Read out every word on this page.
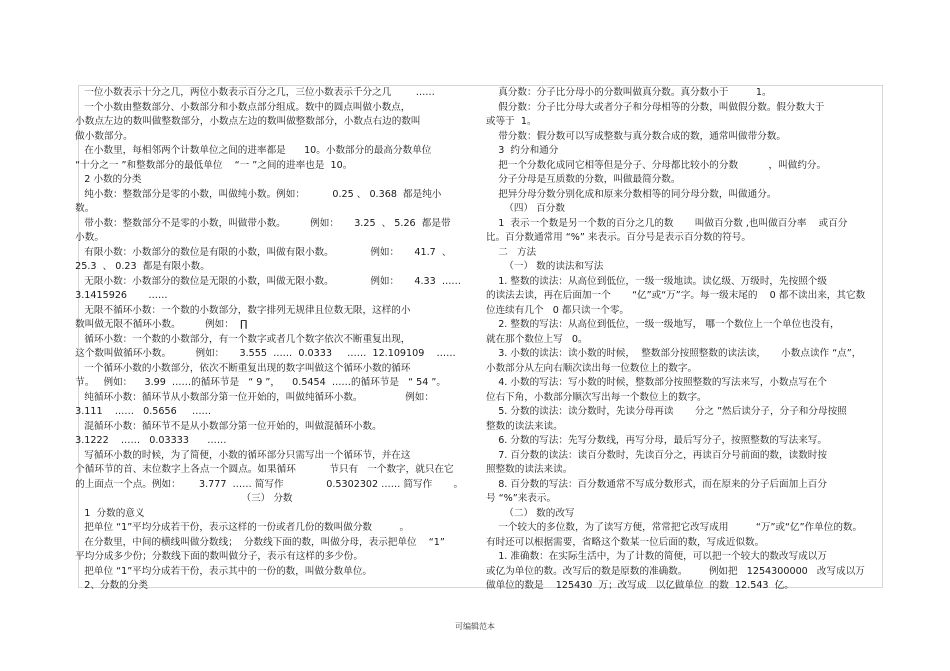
一位小数表示十分之几，两位小数表示百分之几，三位小数表示千分之几        ……

一个小数由整数部分、小数部分和小数点部分组成。数中的圆点叫做小数点，

小数点左边的数叫做整数部分，小数点左边的数叫做整数部分，小数点右边的数叫

做小数部分。

在小数里，每相邻两个计数单位之间的进率都是      10。小数部分的最高分数单位

“十分之一 ”和整数部分的最低单位    “一 ”之间的进率也是  10。

2 小数的分类

纯小数：整数部分是零的小数，叫做纯小数。例如：         0.25 、 0.368  都是纯小

数。

带小数：整数部分不是零的小数，叫做带小数。        例如：     3.25  、 5.26  都是带

小数。

有限小数：小数部分的数位是有限的小数，叫做有限小数。            例如：     41.7  、

25.3  、 0.23  都是有限小数。

无限小数：小数部分的数位是无限的小数，叫做无限小数。            例如：     4.33  ……

3.1415926       ……

无限不循环小数：一个数的小数部分，数字排列无规律且位数无限，这样的小

数叫做无限不循环小数。        例如：  ∏

循环小数：一个数的小数部分，有一个数字或者几个数字依次不断重复出现，

这个数叫做循环小数。        例如：     3.555  ……  0.0333     ……  12.109109    ……

一个循环小数的小数部分，依次不断重复出现的数字叫做这个循环小数的循环

节。   例如：    3.99  ……的循环节是   “ 9 ”，    0.5454  ……的循环节是   “ 54 ”。

纯循环小数：循环节从小数部分第一位开始的，叫做纯循环小数。              例如：

3.111    ……   0.5656     ……

混循环小数：循环节不是从小数部分第一位开始的，叫做混循环小数。

3.1222    ……   0.03333      ……

写循环小数的时候，为了简便，小数的循环部分只需写出一个循环节，并在这

个循环节的首、末位数字上各点一个圆点。如果循环           节只有   一个数字，就只在它

的上面点一个点。例如：      3.777  …… 简写作              0.5302302 …… 简写作       。

（三） 分数

1  分数的意义

把单位 “1”平均分成若干份，表示这样的一份或者几份的数叫做分数         。

在分数里，中间的横线叫做分数线；  分数线下面的数，叫做分母，表示把单位    “1”

平均分成多少份；分数线下面的数叫做分子，表示有这样的多少份。

把单位 “1”平均分成若干份，表示其中的一份的数，叫做分数单位。

2、分数的分类

真分数：分子比分母小的分数叫做真分数。真分数小于         1。

假分数：分子比分母大或者分子和分母相等的分数，叫做假分数。假分数大于

或等于  1。

带分数：假分数可以写成整数与真分数合成的数，通常叫做带分数。

3  约分和通分

把一个分数化成同它相等但是分子、分母都比较小的分数          ，叫做约分。

分子分母是互质数的分数，叫做最简分数。

把异分母分数分别化成和原来分数相等的同分母分数，叫做通分。

（四） 百分数

1  表示一个数是另一个数的百分之几的数       叫做百分数 ,也叫做百分率    或百分

比。百分数通常用 “%” 来表示。百分号是表示百分数的符号。

二   方法

（一） 数的读法和写法

1. 整数的读法：从高位到低位，一级一级地读。读亿级、万级时，先按照个级

的读法去读，再在后面加一个       “亿”或“万”字。每一级末尾的    0 都不读出来，其它数

位连续有几个   0 都只读一个零。

2. 整数的写法：从高位到低位，一级一级地写， 哪一个数位上一个单位也没有，

就在那个数位上写   0。

3. 小数的读法：读小数的时候，  整数部分按照整数的读法读，     小数点读作 “点”，

小数部分从左向右顺次读出每一位数位上的数字。

4. 小数的写法：写小数的时候，整数部分按照整数的写法来写，小数点写在个

位右下角，小数部分顺次写出每一个数位上的数字。

5. 分数的读法：读分数时，先读分母再读       分之 ”然后读分子，分子和分母按照

整数的读法来读。

6. 分数的写法：先写分数线，再写分母，最后写分子，按照整数的写法来写。

7. 百分数的读法：读百分数时，先读百分之，再读百分号前面的数，读数时按

照整数的读法来读。

8. 百分数的写法：百分数通常不写成分数形式，而在原来的分子后面加上百分

号 “%”来表示。

（二） 数的改写

一个较大的多位数，为了读写方便，常常把它改写成用         “万”或“亿”作单位的数。

有时还可以根据需要，省略这个数某一位后面的数，写成近似数。

1. 准确数：在实际生活中，为了计数的简便，可以把一个较大的数改写成以万

或亿为单位的数。改写后的数是原数的准确数。       例如把   1254300000   改写成以万

做单位的数是    125430  万；改写成   以亿做单位  的数  12.543  亿。

可编辑范本
